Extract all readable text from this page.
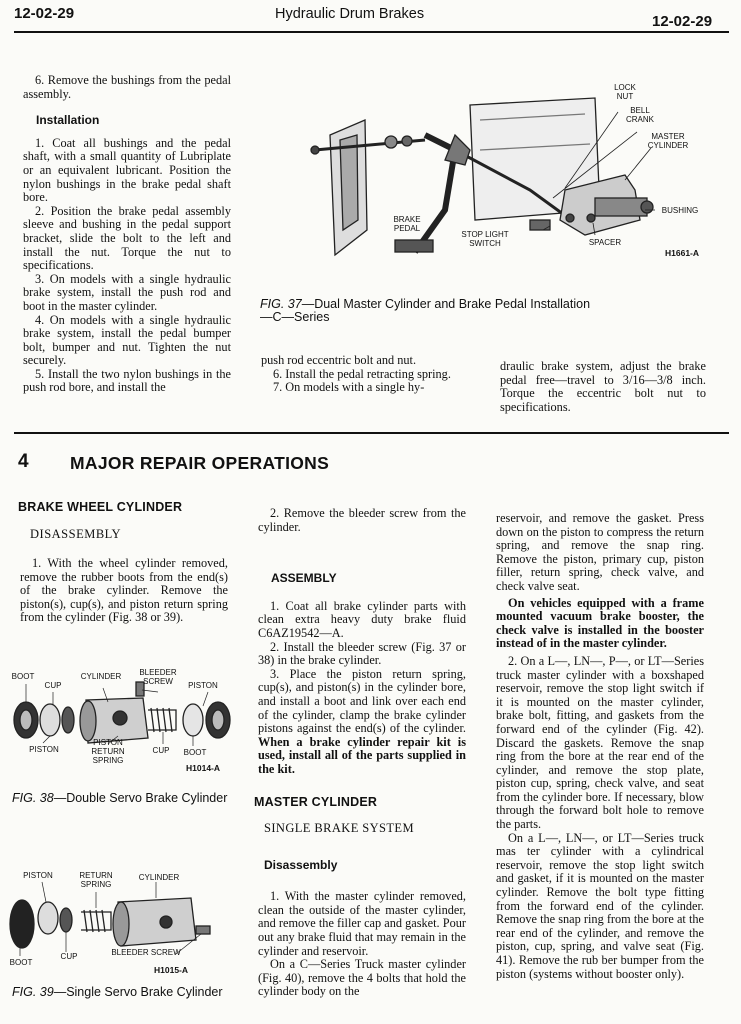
12-02-29	Hydraulic Drum Brakes	12-02-29

6. Remove the bushings from the pedal assembly.

Installation

1. Coat all bushings and the pedal shaft, with a small quantity of Lubriplate or an equivalent lubricant. Position the nylon bushings in the brake pedal shaft bore.

2. Position the brake pedal assembly sleeve and bushing in the pedal support bracket, slide the bolt to the left and install the nut. Torque the nut to specifications.

3. On models with a single hydraulic brake system, install the push rod and boot in the master cylinder.

4. On models with a single hydraulic brake system, install the pedal bumper bolt, bumper and nut. Tighten the nut securely.

5. Install the two nylon bushings in the push rod bore, and install the

LOCK NUT
BELL CRANK
MASTER CYLINDER
BUSHING
BRAKE PEDAL
STOP LIGHT SWITCH	SPACER
H1661-A
FIG. 37—Dual Master Cylinder and Brake Pedal Installation—C—Series

push rod eccentric bolt and nut.

6. Install the pedal retracting spring.

7. On models with a single hy-

draulic brake system, adjust the brake pedal free—travel to 3/16—3/8 inch. Torque the eccentric bolt nut to specifications.
4 MAJOR REPAIR OPERATIONS
BRAKE WHEEL CYLINDER
DISASSEMBLY

1. With the wheel cylinder removed, remove the rubber boots from the end(s) of the brake cylinder. Remove the piston(s), cup(s), and piston return spring from the cylinder (Fig. 38 or 39).

BOOT
CUP
CYLINDER	BLEEDER SCREW	PISTON
PISTON
PISTON RETURN SPRING
CUP	BOOT
H1014-A
FIG. 38—Double Servo Brake Cylinder
PISTON	RETURN SPRING
CYLINDER
BOOT
CUP	BLEEDER SCREW
H1015-A
FIG. 39—Single Servo Brake Cylinder

2. Remove the bleeder screw from the cylinder.

ASSEMBLY

1. Coat all brake cylinder parts with clean extra heavy duty brake fluid C6AZ19542—A.

2. Install the bleeder screw (Fig. 37 or 38) in the brake cylinder.

3. Place the piston return spring, cup(s), and piston(s) in the cylinder bore, and install a boot and link over each end of the cylinder, clamp the brake cylinder pistons against the end(s) of the cylinder. When a brake cylinder repair kit is used, install all of the parts supplied in the kit.

MASTER CYLINDER
SINGLE BRAKE SYSTEM
Disassembly

1. With the master cylinder removed, clean the outside of the master cylinder, and remove the filler cap and gasket. Pour out any brake fluid that may remain in the cylinder and reservoir.

On a C—Series Truck master cylinder (Fig. 40), remove the 4 bolts that hold the cylinder body on the

reservoir, and remove the gasket. Press down on the piston to compress the return spring, and remove the snap ring. Remove the piston, primary cup, piston filler, return spring, check valve, and check valve seat.

On vehicles equipped with a frame mounted vacuum brake booster, the check valve is installed in the booster instead of in the master cylinder.

2. On a L—, LN—, P—, or LT—Series truck master cylinder with a boxshaped reservoir, remove the stop light switch if it is mounted on the master cylinder, brake bolt, fitting, and gaskets from the forward end of the cylinder (Fig. 42). Discard the gaskets. Remove the snap ring from the bore at the rear end of the cylinder, and remove the stop plate, piston cup, spring, check valve, and seat from the cylinder bore. If necessary, blow through the forward bolt hole to remove the parts.

On a L—, LN—, or LT—Series truck mas ter cylinder with a cylindrical reservoir, remove the stop light switch and gasket, if it is mounted on the master cylinder. Remove the bolt type fitting from the forward end of the cylinder. Remove the snap ring from the bore at the rear end of the cylinder, and remove the piston, cup, spring, and valve seat (Fig. 41). Remove the rub ber bumper from the piston (systems without booster only).
